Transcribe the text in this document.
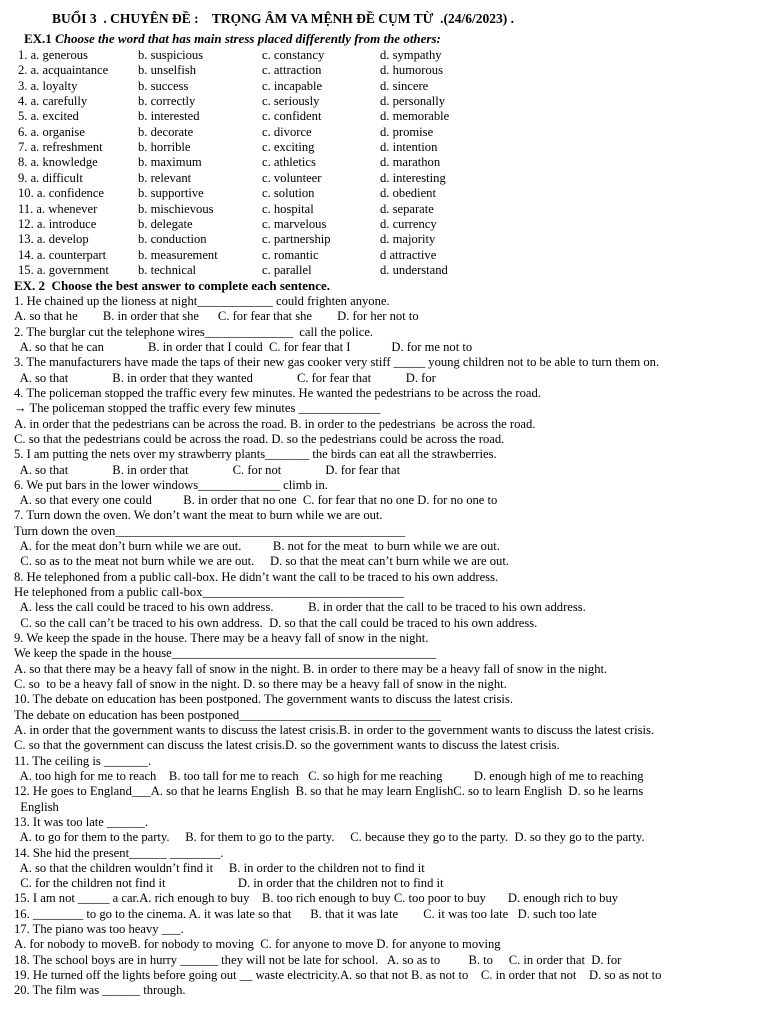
BUỔI 3  . CHUYÊN ĐỀ :    TRỌNG ÂM VA MỆNH ĐỀ CỤM TỪ  .(24/6/2023) .
EX.1 Choose the word that has main stress placed differently from the others:
1. a. generous	b. suspicious	c. constancy	d. sympathy
2. a. acquaintance b. unselfish	c. attraction	d. humorous
3. a. loyalty	b. success	c. incapable	d. sincere
4. a. carefully	b. correctly	c. seriously	d. personally
5. a. excited	b. interested	c. confident	d. memorable
6. a. organise	b. decorate	c. divorce	d. promise
7. a. refreshment	b. horrible	c. exciting	d. intention
8. a. knowledge	b. maximum	c. athletics	d. marathon
9. a. difficult	b. relevant	c. volunteer	d. interesting
10. a. confidence	b. supportive	c. solution	d. obedient
11. a. whenever	b. mischievous	c. hospital	d. separate
12. a. introduce	b. delegate	c. marvelous	d. currency
13. a. develop	b. conduction	c. partnership	d. majority
14. a. counterpart	b. measurement	c. romantic	d attractive
15. a. government b. technical	c. parallel	d. understand
EX. 2  Choose the best answer to complete each sentence.
1. He chained up the lioness at night____________ could frighten anyone.
A. so that he        B. in order that she      C. for fear that she        D. for her not to
2. The burglar cut the telephone wires______________  call the police.
A. so that he can              B. in order that I could  C. for fear that I             D. for me not to
3. The manufacturers have made the taps of their new gas cooker very stiff _____ young children not to be able to turn them on.
A. so that              B. in order that they wanted              C. for fear that           D. for
4. The policeman stopped the traffic every few minutes. He wanted the pedestrians to be across the road.
→ The policeman stopped the traffic every few minutes _____________
A. in order that the pedestrians can be across the road. B. in order to the pedestrians  be across the road.
C. so that the pedestrians could be across the road. D. so the pedestrians could be across the road.
5. I am putting the nets over my strawberry plants_______ the birds can eat all the strawberries.
A. so that              B. in order that              C. for not              D. for fear that
6. We put bars in the lower windows_____________ climb in.
A. so that every one could          B. in order that no one  C. for fear that no one D. for no one to
7. Turn down the oven. We don’t want the meat to burn while we are out.
Turn down the oven______________________________________________
A. for the meat don’t burn while we are out.          B. not for the meat  to burn while we are out.
C. so as to the meat not burn while we are out.     D. so that the meat can’t burn while we are out.
8. He telephoned from a public call-box. He didn’t want the call to be traced to his own address.
He telephoned from a public call-box________________________________
A. less the call could be traced to his own address.           B. in order that the call to be traced to his own address.
C. so the call can’t be traced to his own address.  D. so that the call could be traced to his own address.
9. We keep the spade in the house. There may be a heavy fall of snow in the night.
We keep the spade in the house__________________________________________
A. so that there may be a heavy fall of snow in the night. B. in order to there may be a heavy fall of snow in the night.
C. so  to be a heavy fall of snow in the night. D. so there may be a heavy fall of snow in the night.
10. The debate on education has been postponed. The government wants to discuss the latest crisis.
The debate on education has been postponed________________________________
A. in order that the government wants to discuss the latest crisis.B. in order to the government wants to discuss the latest crisis.
C. so that the government can discuss the latest crisis.D. so the government wants to discuss the latest crisis.
11. The ceiling is _______.
A. too high for me to reach    B. too tall for me to reach   C. so high for me reaching          D. enough high of me to reaching
12. He goes to England___A. so that he learns English  B. so that he may learn EnglishC. so to learn English  D. so he learns
English
13. It was too late ______.
A. to go for them to the party.     B. for them to go to the party.     C. because they go to the party.  D. so they go to the party.
14. She hid the present______ ________.
A. so that the children wouldn’t find it     B. in order to the children not to find it
C. for the children not find it                       D. in order that the children not to find it
15. I am not _____ a car.A. rich enough to buy    B. too rich enough to buy C. too poor to buy       D. enough rich to buy
16. ________ to go to the cinema. A. it was late so that      B. that it was late        C. it was too late   D. such too late
17. The piano was too heavy ___.
A. for nobody to moveB. for nobody to moving  C. for anyone to move D. for anyone to moving
18. The school boys are in hurry ______ they will not be late for school.   A. so as to         B. to     C. in order that  D. for
19. He turned off the lights before going out __ waste electricity.A. so that not B. as not to    C. in order that not    D. so as not to
20. The film was ______ through.
